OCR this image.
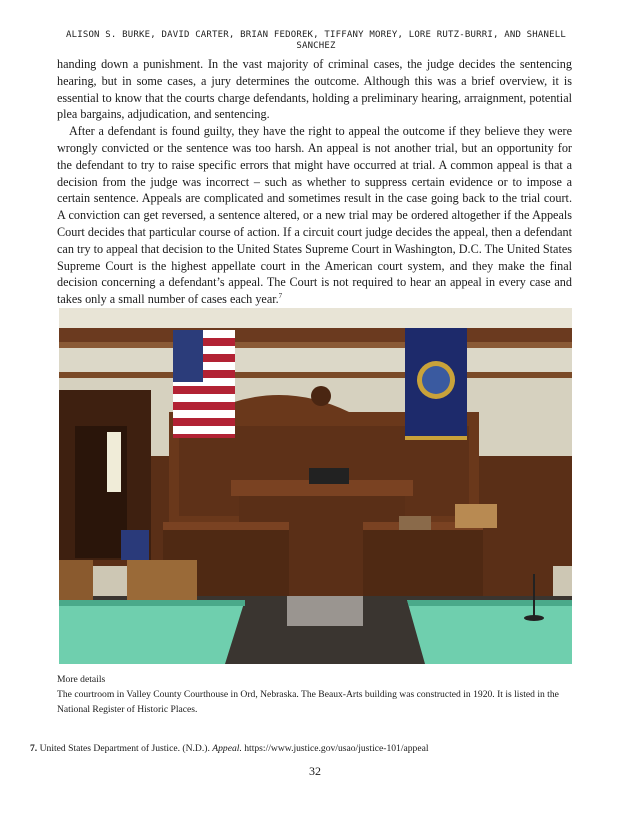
ALISON S. BURKE, DAVID CARTER, BRIAN FEDOREK, TIFFANY MOREY, LORE RUTZ-BURRI, AND SHANELL
SANCHEZ

handing down a punishment. In the vast majority of criminal cases, the judge decides the sentencing hearing, but in some cases, a jury determines the outcome. Although this was a brief overview, it is essential to know that the courts charge defendants, holding a preliminary hearing, arraignment, potential plea bargains, adjudication, and sentencing.

After a defendant is found guilty, they have the right to appeal the outcome if they believe they were wrongly convicted or the sentence was too harsh. An appeal is not another trial, but an opportunity for the defendant to try to raise specific errors that might have occurred at trial. A common appeal is that a decision from the judge was incorrect – such as whether to suppress certain evidence or to impose a certain sentence. Appeals are complicated and sometimes result in the case going back to the trial court. A conviction can get reversed, a sentence altered, or a new trial may be ordered altogether if the Appeals Court decides that particular course of action. If a circuit court judge decides the appeal, then a defendant can try to appeal that decision to the United States Supreme Court in Washington, D.C. The United States Supreme Court is the highest appellate court in the American court system, and they make the final decision concerning a defendant’s appeal. The Court is not required to hear an appeal in every case and takes only a small number of cases each year.$^7$

More details
The courtroom in Valley County Courthouse in Ord, Nebraska. The Beaux-Arts building was constructed in 1920. It is listed in the National Register of Historic Places.
7. United States Department of Justice. (N.D.). Appeal. https://www.justice.gov/usao/justice-101/appeal
32
